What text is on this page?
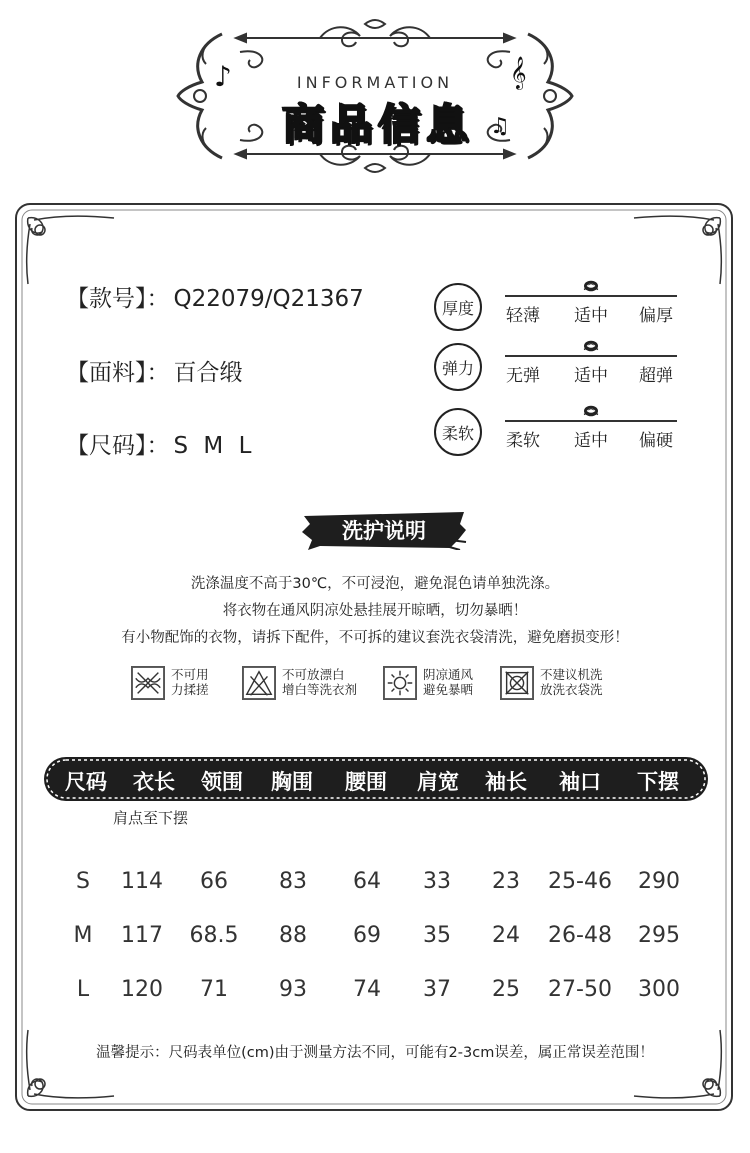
INFORMATION
商 品 信 息
♪	𝄞
♫
【款号】： Q22079/Q21367
【面料】： 百合缎
【尺码】： S M L
厚度	轻薄 适中 偏厚
弹力	无弹 适中 超弹
柔软	柔软 适中 偏硬
洗护说明
洗涤温度不高于30℃，不可浸泡，避免混色请单独洗涤。
将衣物在通风阴凉处悬挂展开晾晒，切勿暴晒！
有小物配饰的衣物，请拆下配件，不可拆的建议套洗衣袋清洗，避免磨损变形！
不可用
力揉搓
不可放漂白
增白等洗衣剂
阴凉通风
避免暴晒
不建议机洗
放洗衣袋洗
尺码 衣长 领围 胸围 腰围 肩宽 袖长 袖口 下摆
肩点至下摆
S 114 66 83 64 33 23 25-46 290
M 117 68.5 88 69 35 24 26-48 295
L 120 71 93 74 37 25 27-50 300
温馨提示：尺码表单位(cm)由于测量方法不同，可能有2-3cm误差，属正常误差范围！
